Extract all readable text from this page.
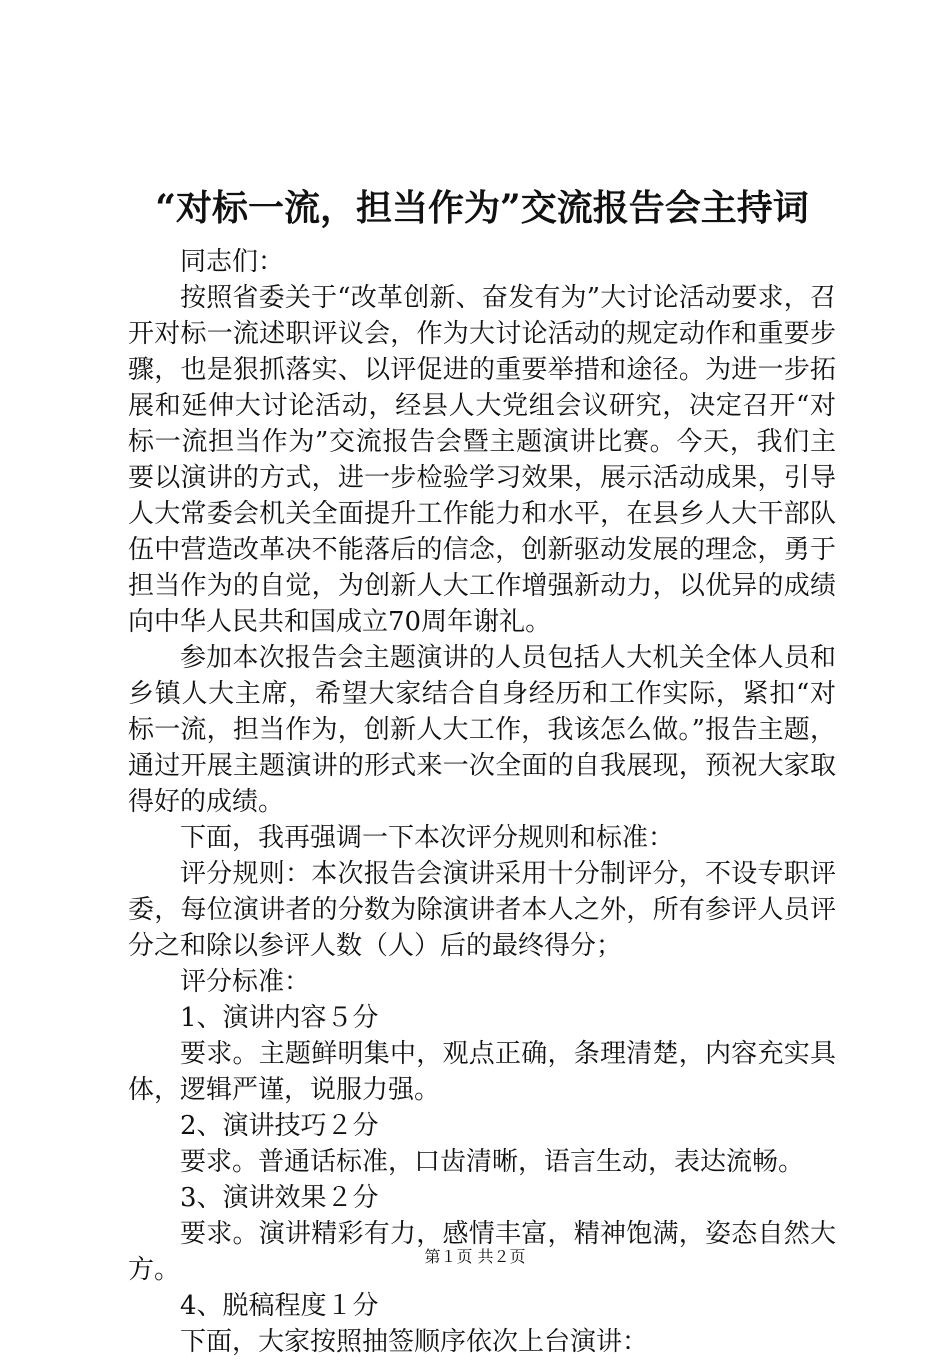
“对标一流，担当作为”交流报告会主持词

同志们：

按照省委关于“改革创新、奋发有为”大讨论活动要求，召开对标一流述职评议会，作为大讨论活动的规定动作和重要步骤，也是狠抓落实、以评促进的重要举措和途径。为进一步拓展和延伸大讨论活动，经县人大党组会议研究，决定召开“对标一流担当作为”交流报告会暨主题演讲比赛。今天，我们主要以演讲的方式，进一步检验学习效果，展示活动成果，引导人大常委会机关全面提升工作能力和水平，在县乡人大干部队伍中营造改革决不能落后的信念，创新驱动发展的理念，勇于担当作为的自觉，为创新人大工作增强新动力，以优异的成绩向中华人民共和国成立70周年谢礼。

参加本次报告会主题演讲的人员包括人大机关全体人员和乡镇人大主席，希望大家结合自身经历和工作实际，紧扣“对标一流，担当作为，创新人大工作，我该怎么做。”报告主题，通过开展主题演讲的形式来一次全面的自我展现，预祝大家取得好的成绩。

下面，我再强调一下本次评分规则和标准：

评分规则：本次报告会演讲采用十分制评分，不设专职评委，每位演讲者的分数为除演讲者本人之外，所有参评人员评分之和除以参评人数（人）后的最终得分；

评分标准：

1、演讲内容５分

要求。主题鲜明集中，观点正确，条理清楚，内容充实具体，逻辑严谨，说服力强。

2、演讲技巧２分

要求。普通话标准，口齿清晰，语言生动，表达流畅。

3、演讲效果２分

要求。演讲精彩有力，感情丰富，精神饱满，姿态自然大方。

4、脱稿程度１分

下面，大家按照抽签顺序依次上台演讲：

第１页 共２页
